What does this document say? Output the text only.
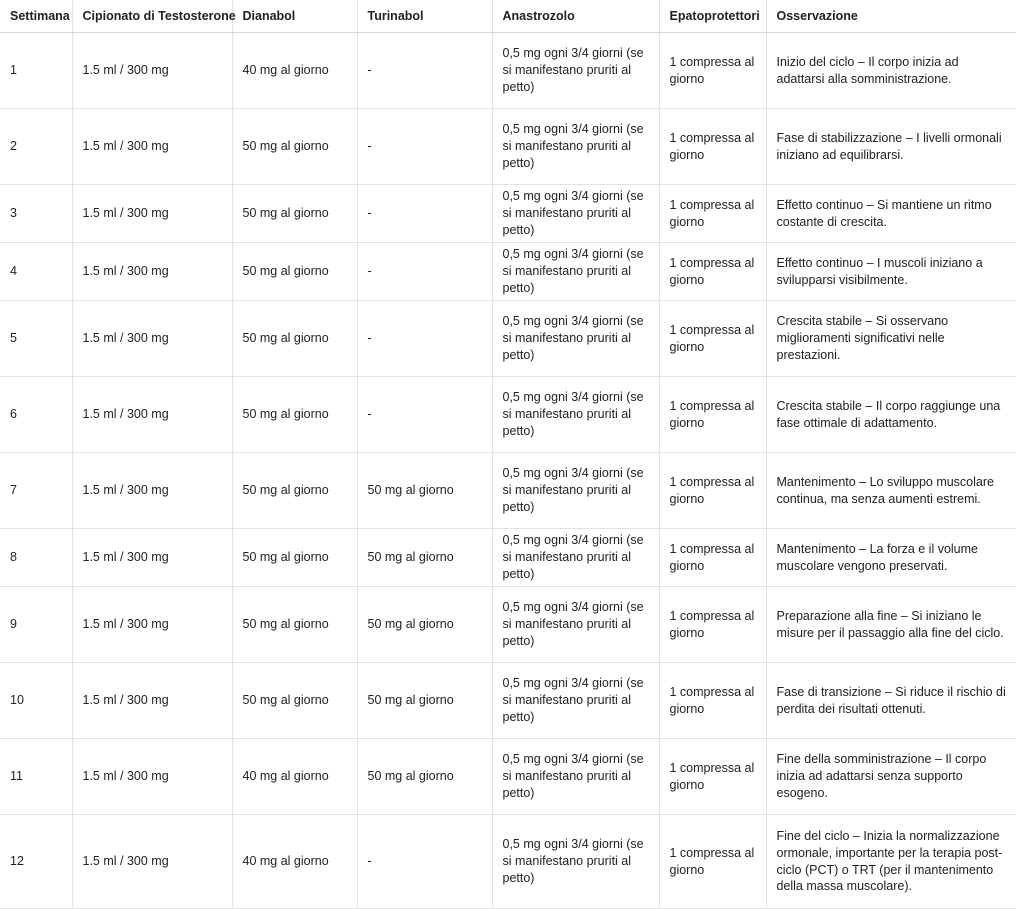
Settimana	Cipionato di Testosterone	Dianabol	Turinabol	Anastrozolo	Epatoprotettori	Osservazione
1	1.5 ml / 300 mg	40 mg al giorno	-	0,5 mg ogni 3/4 giorni (se si manifestano pruriti al petto)	1 compressa al giorno	Inizio del ciclo – Il corpo inizia ad adattarsi alla somministrazione.
2	1.5 ml / 300 mg	50 mg al giorno	-	0,5 mg ogni 3/4 giorni (se si manifestano pruriti al petto)	1 compressa al giorno	Fase di stabilizzazione – I livelli ormonali iniziano ad equilibrarsi.
3	1.5 ml / 300 mg	50 mg al giorno	-	0,5 mg ogni 3/4 giorni (se si manifestano pruriti al petto)	1 compressa al giorno	Effetto continuo – Si mantiene un ritmo costante di crescita.
4	1.5 ml / 300 mg	50 mg al giorno	-	0,5 mg ogni 3/4 giorni (se si manifestano pruriti al petto)	1 compressa al giorno	Effetto continuo – I muscoli iniziano a svilupparsi visibilmente.
5	1.5 ml / 300 mg	50 mg al giorno	-	0,5 mg ogni 3/4 giorni (se si manifestano pruriti al petto)	1 compressa al giorno	Crescita stabile – Si osservano miglioramenti significativi nelle prestazioni.
6	1.5 ml / 300 mg	50 mg al giorno	-	0,5 mg ogni 3/4 giorni (se si manifestano pruriti al petto)	1 compressa al giorno	Crescita stabile – Il corpo raggiunge una fase ottimale di adattamento.
7	1.5 ml / 300 mg	50 mg al giorno	50 mg al giorno	0,5 mg ogni 3/4 giorni (se si manifestano pruriti al petto)	1 compressa al giorno	Mantenimento – Lo sviluppo muscolare continua, ma senza aumenti estremi.
8	1.5 ml / 300 mg	50 mg al giorno	50 mg al giorno	0,5 mg ogni 3/4 giorni (se si manifestano pruriti al petto)	1 compressa al giorno	Mantenimento – La forza e il volume muscolare vengono preservati.
9	1.5 ml / 300 mg	50 mg al giorno	50 mg al giorno	0,5 mg ogni 3/4 giorni (se si manifestano pruriti al petto)	1 compressa al giorno	Preparazione alla fine – Si iniziano le misure per il passaggio alla fine del ciclo.
10	1.5 ml / 300 mg	50 mg al giorno	50 mg al giorno	0,5 mg ogni 3/4 giorni (se si manifestano pruriti al petto)	1 compressa al giorno	Fase di transizione – Si riduce il rischio di perdita dei risultati ottenuti.
11	1.5 ml / 300 mg	40 mg al giorno	50 mg al giorno	0,5 mg ogni 3/4 giorni (se si manifestano pruriti al petto)	1 compressa al giorno	Fine della somministrazione – Il corpo inizia ad adattarsi senza supporto esogeno.
12	1.5 ml / 300 mg	40 mg al giorno	-	0,5 mg ogni 3/4 giorni (se si manifestano pruriti al petto)	1 compressa al giorno	Fine del ciclo – Inizia la normalizzazione ormonale, importante per la terapia post-ciclo (PCT) o TRT (per il mantenimento della massa muscolare).
